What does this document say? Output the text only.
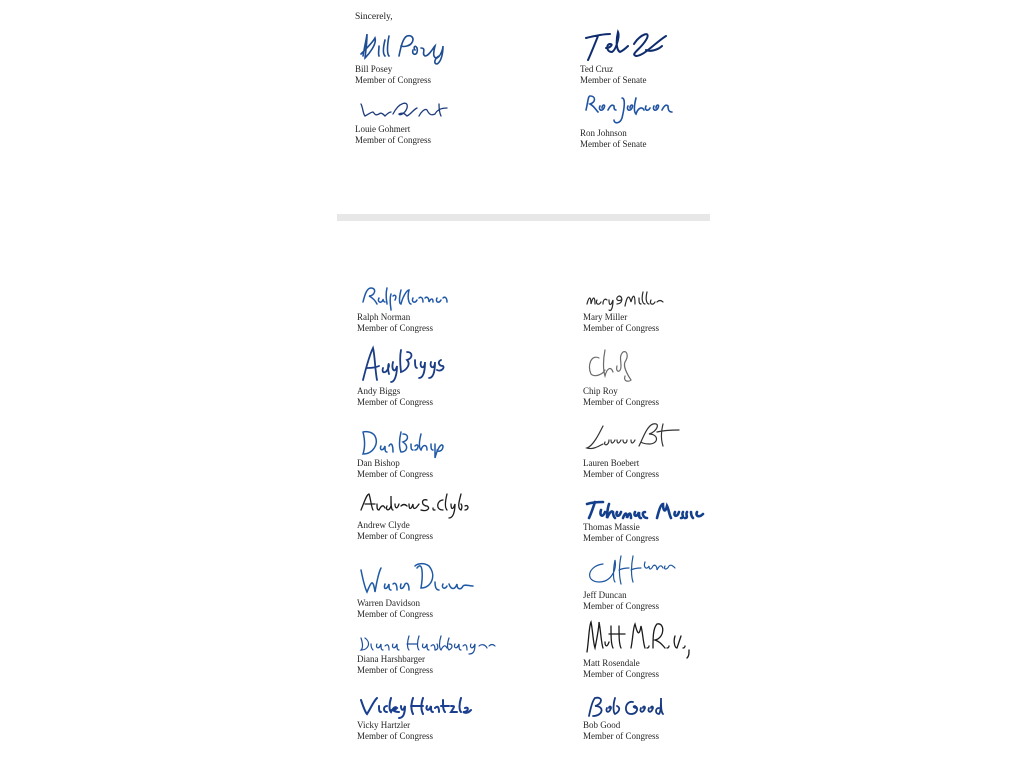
Sincerely,
Bill Posey
Member of Congress
Ted Cruz
Member of Senate
Louie Gohmert
Member of Congress
Ron Johnson
Member of Senate
Ralph Norman
Member of Congress
Mary Miller
Member of Congress
Andy Biggs
Member of Congress
Chip Roy
Member of Congress
Dan Bishop
Member of Congress
Lauren Boebert
Member of Congress
Andrew Clyde
Member of Congress
Thomas Massie
Member of Congress
Warren Davidson
Member of Congress
Jeff Duncan
Member of Congress
Diana Harshbarger
Member of Congress
Matt Rosendale
Member of Congress
Vicky Hartzler
Member of Congress
Bob Good
Member of Congress
